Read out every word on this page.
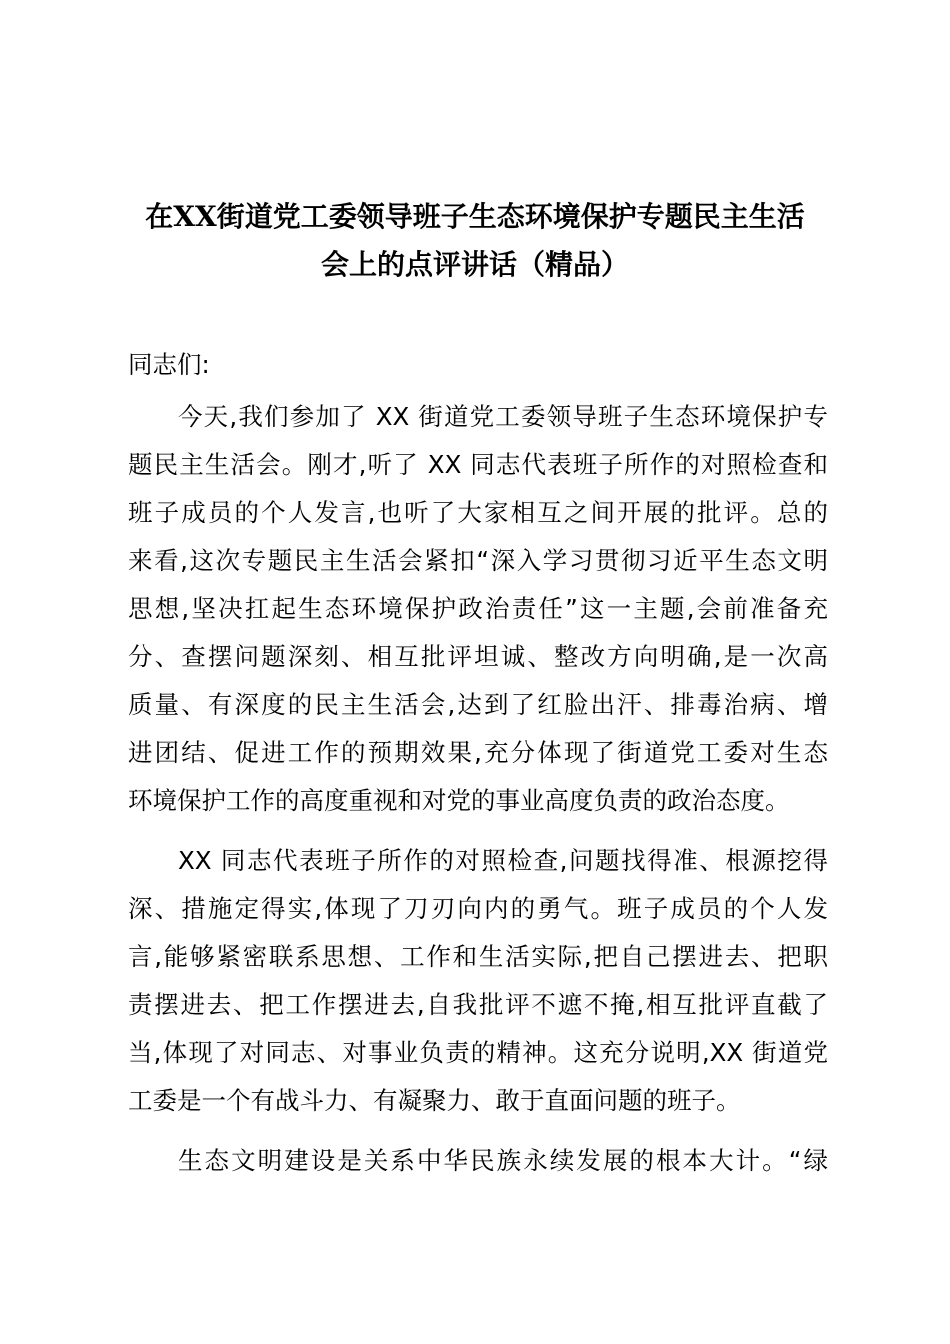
在XX街道党工委领导班子生态环境保护专题民主生活
会上的点评讲话（精品）
同志们:
今天,我们参加了 XX 街道党工委领导班子生态环境保护专
题民主生活会。刚才,听了 XX 同志代表班子所作的对照检查和
班子成员的个人发言,也听了大家相互之间开展的批评。总的
来看,这次专题民主生活会紧扣“深入学习贯彻习近平生态文明
思想,坚决扛起生态环境保护政治责任”这一主题,会前准备充
分、查摆问题深刻、相互批评坦诚、整改方向明确,是一次高
质量、有深度的民主生活会,达到了红脸出汗、排毒治病、增
进团结、促进工作的预期效果,充分体现了街道党工委对生态
环境保护工作的高度重视和对党的事业高度负责的政治态度。
XX 同志代表班子所作的对照检查,问题找得准、根源挖得
深、措施定得实,体现了刀刃向内的勇气。班子成员的个人发
言,能够紧密联系思想、工作和生活实际,把自己摆进去、把职
责摆进去、把工作摆进去,自我批评不遮不掩,相互批评直截了
当,体现了对同志、对事业负责的精神。这充分说明,XX 街道党
工委是一个有战斗力、有凝聚力、敢于直面问题的班子。
生态文明建设是关系中华民族永续发展的根本大计。“绿
